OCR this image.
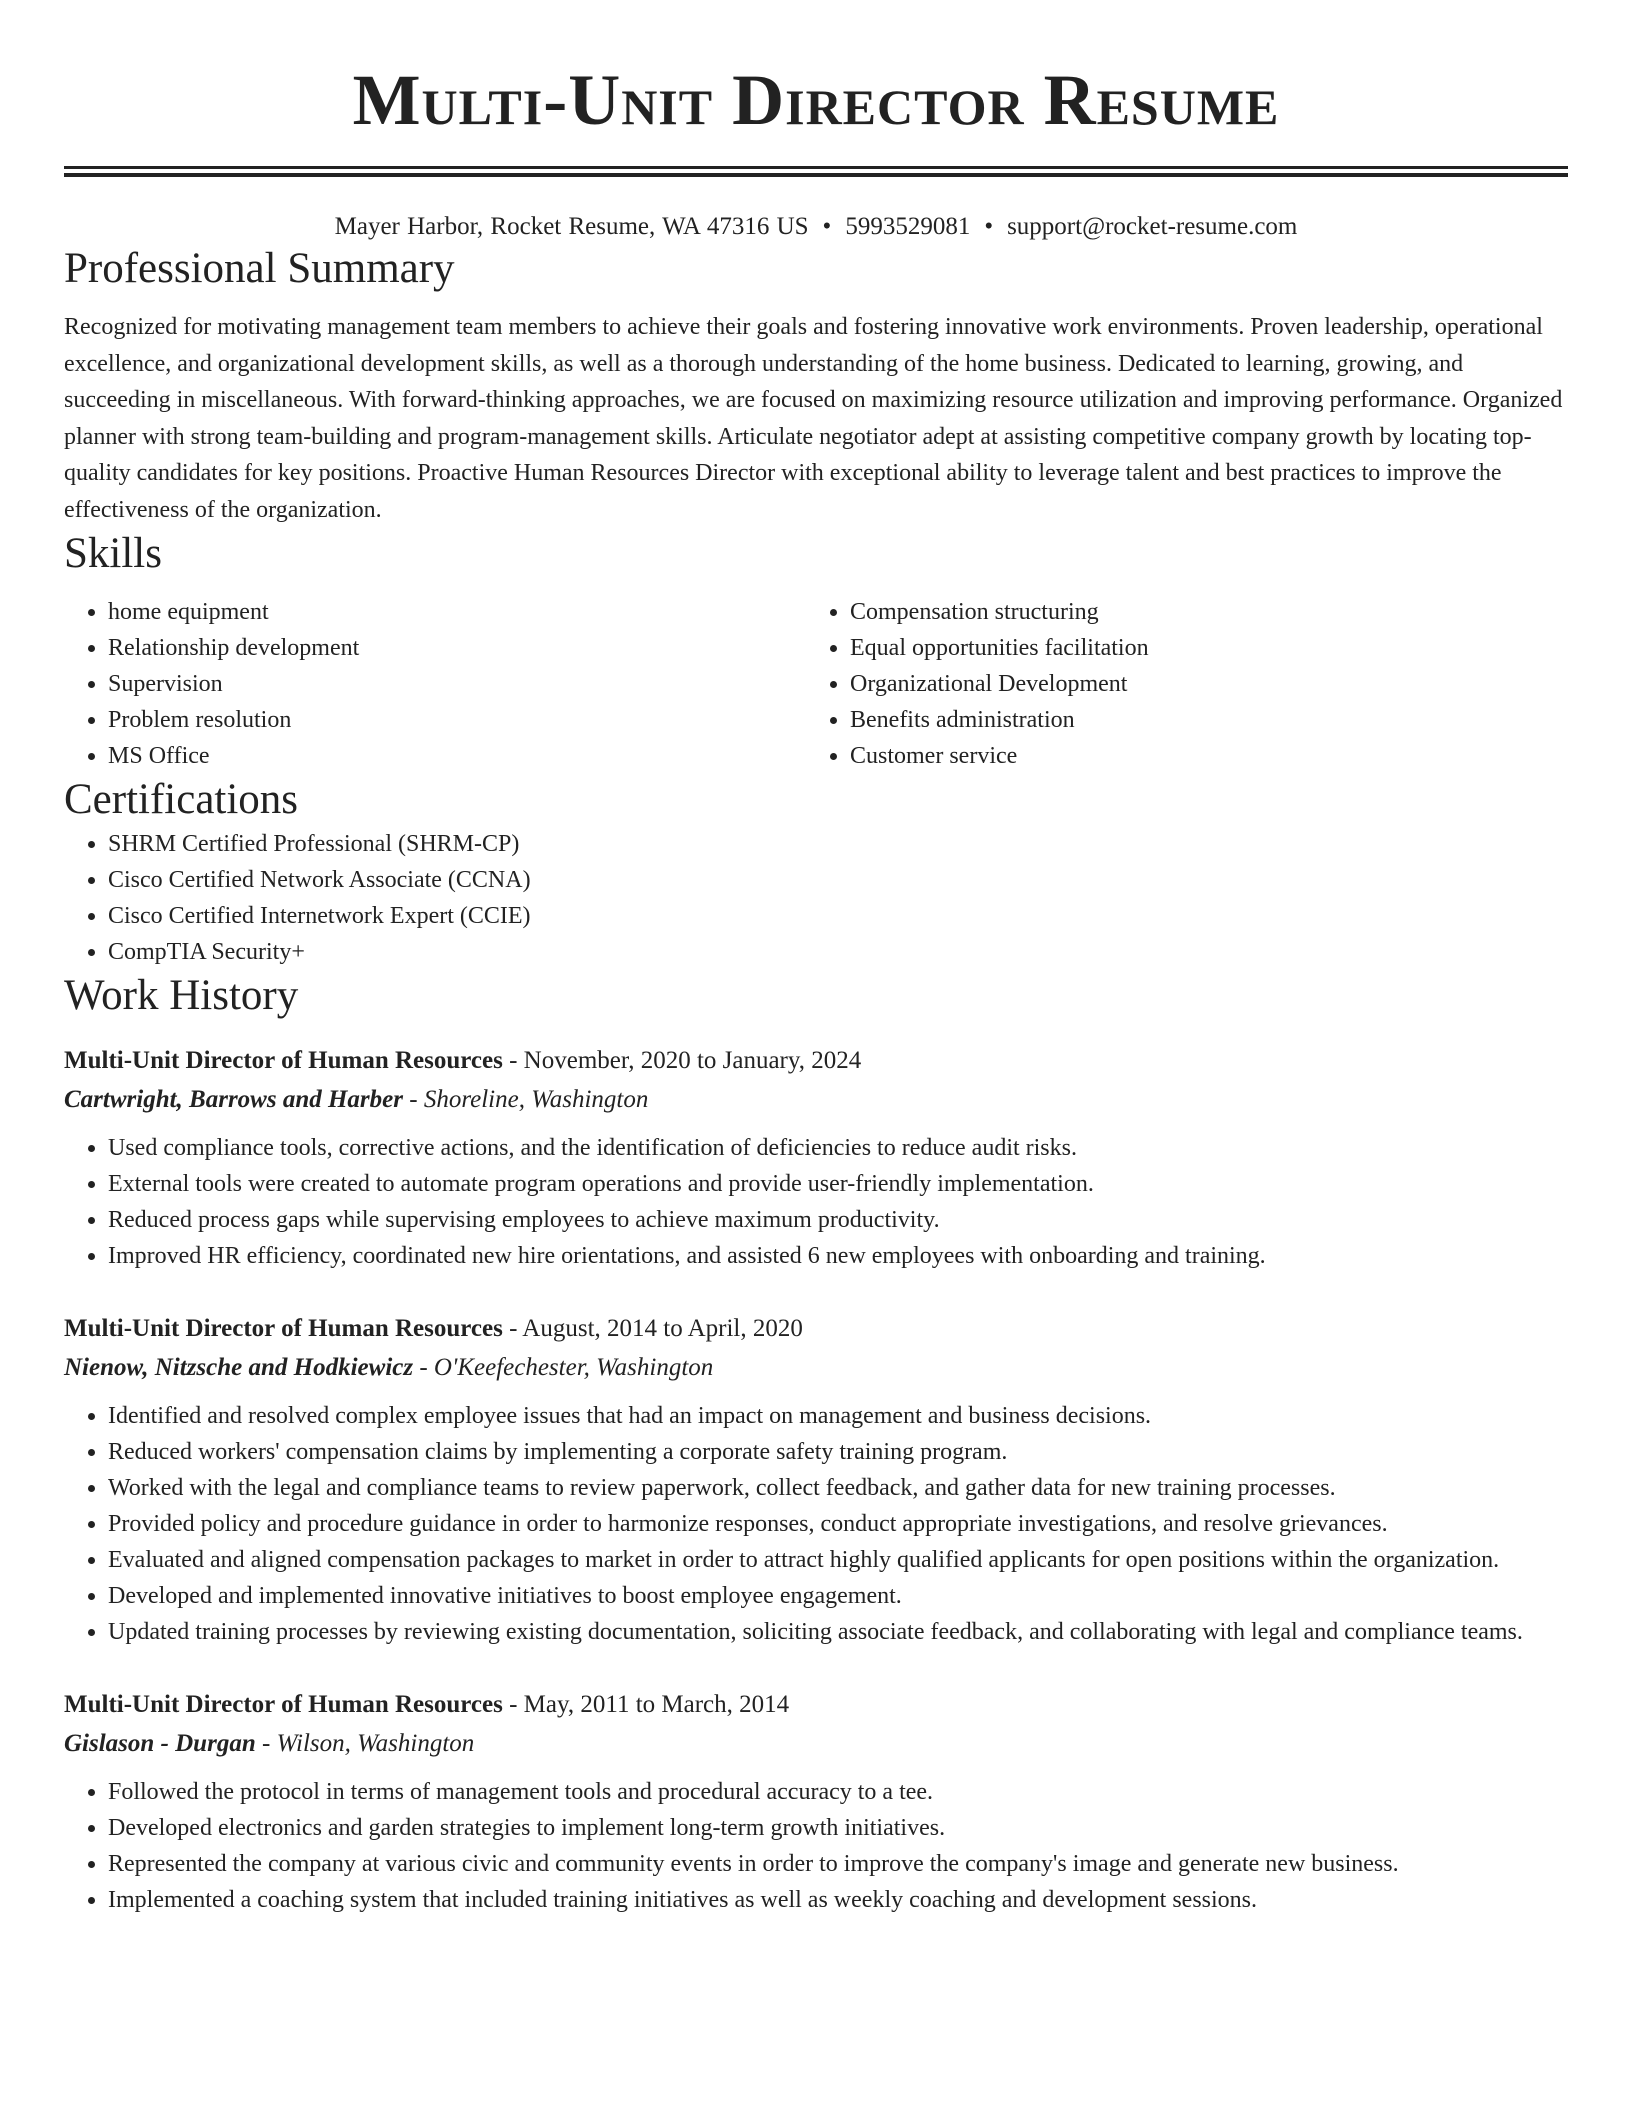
Multi-Unit Director Resume
Mayer Harbor, Rocket Resume, WA 47316 US • 5993529081 • support@rocket-resume.com
Professional Summary

Recognized for motivating management team members to achieve their goals and fostering innovative work environments. Proven leadership, operational excellence, and organizational development skills, as well as a thorough understanding of the home business. Dedicated to learning, growing, and succeeding in miscellaneous. With forward-thinking approaches, we are focused on maximizing resource utilization and improving performance. Organized planner with strong team-building and program-management skills. Articulate negotiator adept at assisting competitive company growth by locating top-quality candidates for key positions. Proactive Human Resources Director with exceptional ability to leverage talent and best practices to improve the effectiveness of the organization.

Skills
• home equipment
• Relationship development
• Supervision
• Problem resolution
• MS Office
• Compensation structuring
• Equal opportunities facilitation
• Organizational Development
• Benefits administration
• Customer service
Certifications
• SHRM Certified Professional (SHRM-CP)
• Cisco Certified Network Associate (CCNA)
• Cisco Certified Internetwork Expert (CCIE)
• CompTIA Security+
Work History
Multi-Unit Director of Human Resources - November, 2020 to January, 2024
Cartwright, Barrows and Harber - Shoreline, Washington
• Used compliance tools, corrective actions, and the identification of deficiencies to reduce audit risks.
• External tools were created to automate program operations and provide user-friendly implementation.
• Reduced process gaps while supervising employees to achieve maximum productivity.
• Improved HR efficiency, coordinated new hire orientations, and assisted 6 new employees with onboarding and training.
Multi-Unit Director of Human Resources - August, 2014 to April, 2020
Nienow, Nitzsche and Hodkiewicz - O'Keefechester, Washington
• Identified and resolved complex employee issues that had an impact on management and business decisions.
• Reduced workers' compensation claims by implementing a corporate safety training program.
• Worked with the legal and compliance teams to review paperwork, collect feedback, and gather data for new training processes.
• Provided policy and procedure guidance in order to harmonize responses, conduct appropriate investigations, and resolve grievances.
• Evaluated and aligned compensation packages to market in order to attract highly qualified applicants for open positions within the organization.
• Developed and implemented innovative initiatives to boost employee engagement.
• Updated training processes by reviewing existing documentation, soliciting associate feedback, and collaborating with legal and compliance teams.
Multi-Unit Director of Human Resources - May, 2011 to March, 2014
Gislason - Durgan - Wilson, Washington
• Followed the protocol in terms of management tools and procedural accuracy to a tee.
• Developed electronics and garden strategies to implement long-term growth initiatives.
• Represented the company at various civic and community events in order to improve the company's image and generate new business.
• Implemented a coaching system that included training initiatives as well as weekly coaching and development sessions.
